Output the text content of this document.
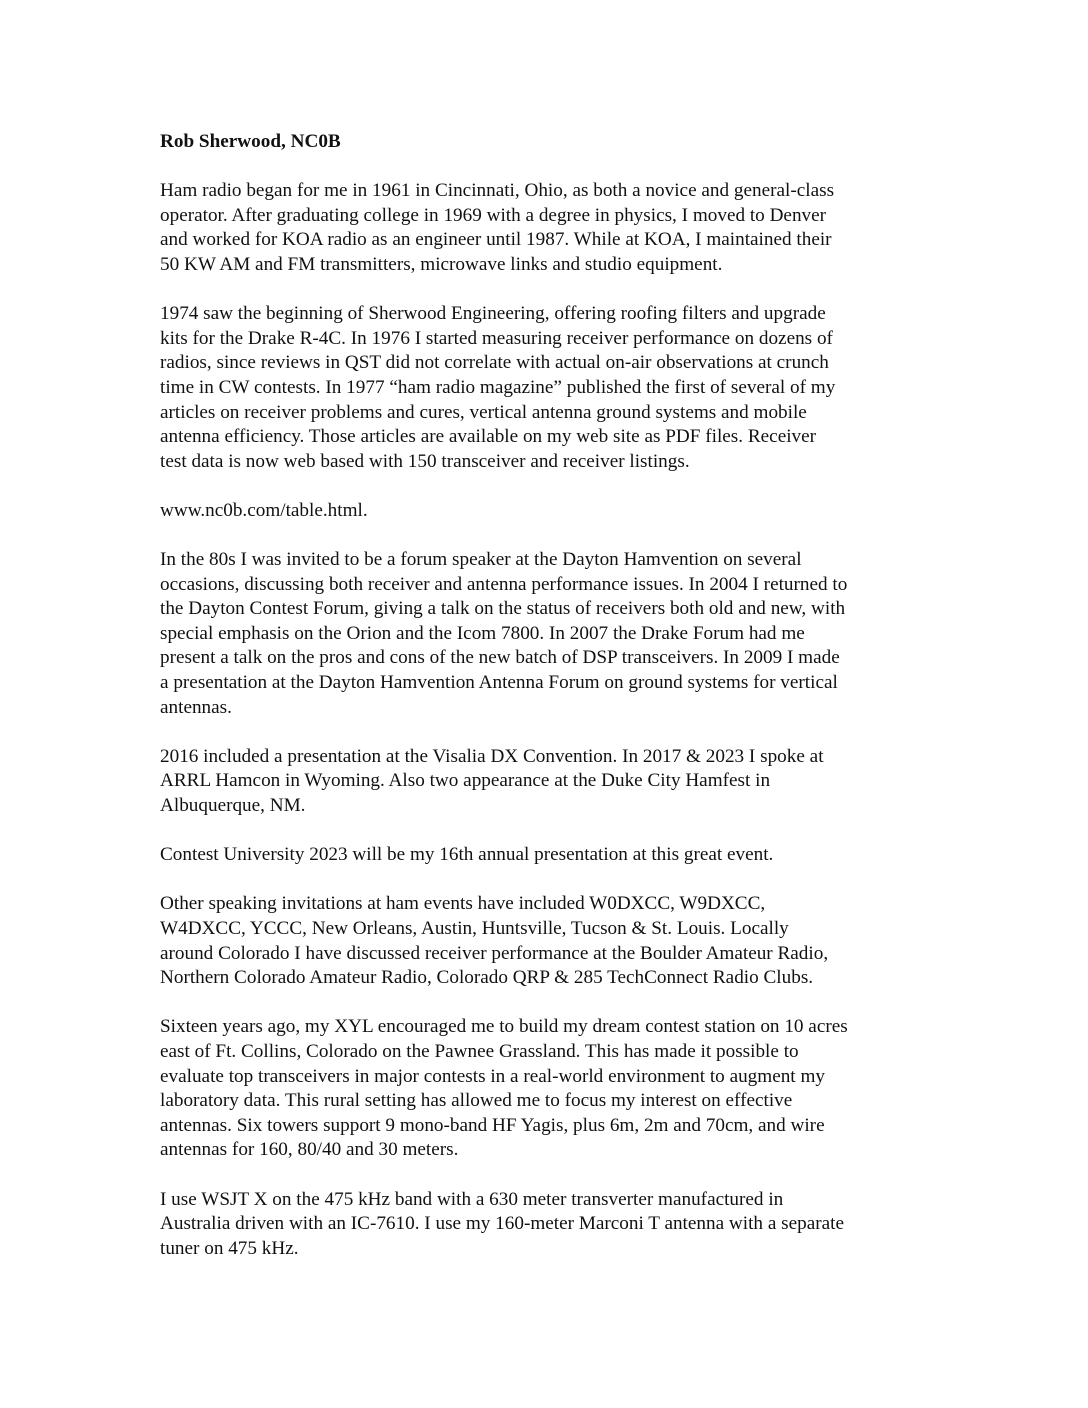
Rob Sherwood, NC0B
Ham radio began for me in 1961 in Cincinnati, Ohio, as both a novice and general-class
operator. After graduating college in 1969 with a degree in physics, I moved to Denver
and worked for KOA radio as an engineer until 1987. While at KOA, I maintained their
50 KW AM and FM transmitters, microwave links and studio equipment.
1974 saw the beginning of Sherwood Engineering, offering roofing filters and upgrade
kits for the Drake R-4C. In 1976 I started measuring receiver performance on dozens of
radios, since reviews in QST did not correlate with actual on-air observations at crunch
time in CW contests. In 1977 “ham radio magazine” published the first of several of my
articles on receiver problems and cures, vertical antenna ground systems and mobile
antenna efficiency. Those articles are available on my web site as PDF files. Receiver
test data is now web based with 150 transceiver and receiver listings.
www.nc0b.com/table.html.
In the 80s I was invited to be a forum speaker at the Dayton Hamvention on several
occasions, discussing both receiver and antenna performance issues. In 2004 I returned to
the Dayton Contest Forum, giving a talk on the status of receivers both old and new, with
special emphasis on the Orion and the Icom 7800. In 2007 the Drake Forum had me
present a talk on the pros and cons of the new batch of DSP transceivers. In 2009 I made
a presentation at the Dayton Hamvention Antenna Forum on ground systems for vertical
antennas.
2016 included a presentation at the Visalia DX Convention. In 2017 & 2023 I spoke at
ARRL Hamcon in Wyoming. Also two appearance at the Duke City Hamfest in
Albuquerque, NM.
Contest University 2023 will be my 16th annual presentation at this great event.
Other speaking invitations at ham events have included W0DXCC, W9DXCC,
W4DXCC, YCCC, New Orleans, Austin, Huntsville, Tucson & St. Louis. Locally
around Colorado I have discussed receiver performance at the Boulder Amateur Radio,
Northern Colorado Amateur Radio, Colorado QRP & 285 TechConnect Radio Clubs.
Sixteen years ago, my XYL encouraged me to build my dream contest station on 10 acres
east of Ft. Collins, Colorado on the Pawnee Grassland. This has made it possible to
evaluate top transceivers in major contests in a real-world environment to augment my
laboratory data. This rural setting has allowed me to focus my interest on effective
antennas. Six towers support 9 mono-band HF Yagis, plus 6m, 2m and 70cm, and wire
antennas for 160, 80/40 and 30 meters.
I use WSJT X on the 475 kHz band with a 630 meter transverter manufactured in
Australia driven with an IC-7610. I use my 160-meter Marconi T antenna with a separate
tuner on 475 kHz.
